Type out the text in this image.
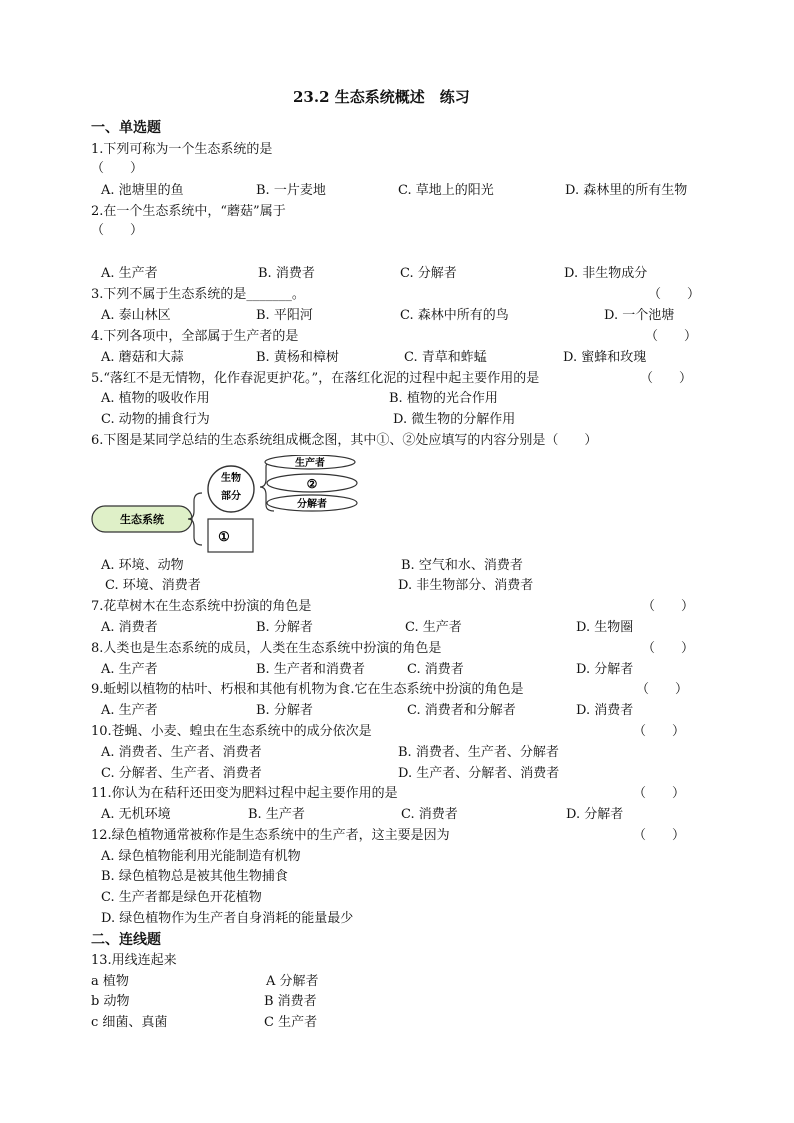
23.2 生态系统概述　练习
一、单选题
1.下列可称为一个生态系统的是
（　　）
A. 池塘里的鱼	B. 一片麦地	C. 草地上的阳光	D. 森林里的所有生物
2.在一个生态系统中，“蘑菇”属于
（　　）
A. 生产者	B. 消费者	C. 分解者	D. 非生物成分
3.下列不属于生态系统的是_______。	（　　）
A. 泰山林区	B. 平阳河	C. 森林中所有的鸟	D. 一个池塘
4.下列各项中，全部属于生产者的是	（　　）
A. 蘑菇和大蒜	B. 黄杨和樟树	C. 青草和蚱蜢	D. 蜜蜂和玫瑰
5.“落红不是无情物，化作春泥更护花。”，在落红化泥的过程中起主要作用的是	（　　）
A. 植物的吸收作用	B. 植物的光合作用
C. 动物的捕食行为	D. 微生物的分解作用
6.下图是某同学总结的生态系统组成概念图，其中①、②处应填写的内容分别是（　　）
生态系统
生物
部分
①
生产者
②
分解者
A. 环境、动物	B. 空气和水、消费者
C. 环境、消费者	D. 非生物部分、消费者
7.花草树木在生态系统中扮演的角色是	（　　）
A. 消费者	B. 分解者	C. 生产者	D. 生物圈
8.人类也是生态系统的成员，人类在生态系统中扮演的角色是	（　　）
A. 生产者	B. 生产者和消费者	C. 消费者	D. 分解者
9.蚯蚓以植物的枯叶、朽根和其他有机物为食.它在生态系统中扮演的角色是	（　　）
A. 生产者	B. 分解者	C. 消费者和分解者	D. 消费者
10.苍蝇、小麦、蝗虫在生态系统中的成分依次是	（　　）
A. 消费者、生产者、消费者	B. 消费者、生产者、分解者
C. 分解者、生产者、消费者	D. 生产者、分解者、消费者
11.你认为在秸秆还田变为肥料过程中起主要作用的是	（　　）
A. 无机环境	B. 生产者	C. 消费者	D. 分解者
12.绿色植物通常被称作是生态系统中的生产者，这主要是因为	（　　）
A. 绿色植物能利用光能制造有机物
B. 绿色植物总是被其他生物捕食
C. 生产者都是绿色开花植物
D. 绿色植物作为生产者自身消耗的能量最少
二、连线题
13.用线连起来
a 植物	A 分解者
b 动物	B 消费者
c 细菌、真菌	C 生产者
